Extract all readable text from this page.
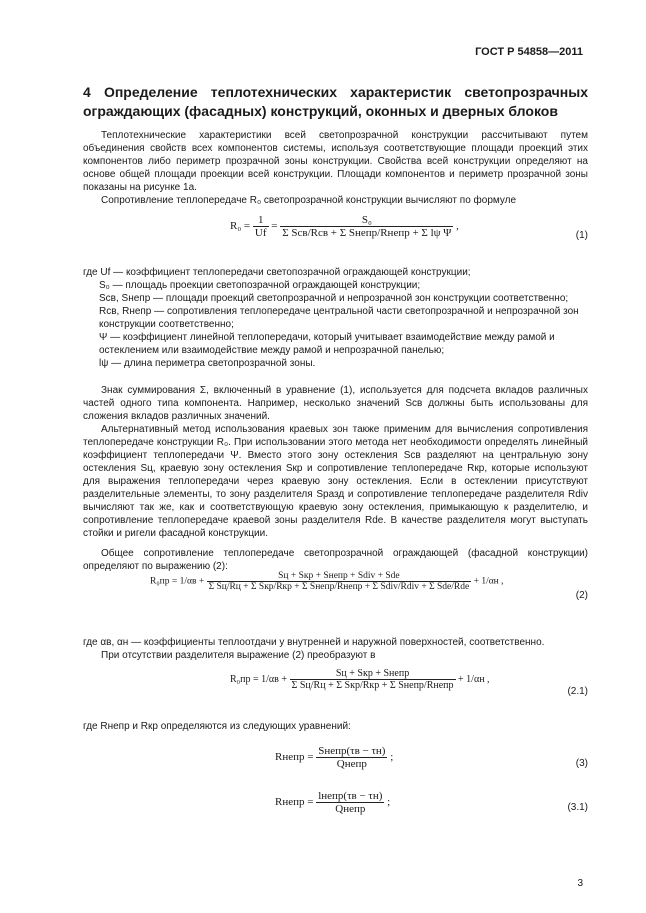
ГОСТ Р 54858—2011
4 Определение теплотехнических характеристик светопрозрачных ограждающих (фасадных) конструкций, оконных и дверных блоков
Теплотехнические характеристики всей светопрозрачной конструкции рассчитывают путем объединения свойств всех компонентов системы, используя соответствующие площади проекций этих компонентов либо периметр прозрачной зоны конструкции. Свойства всей конструкции определяют на основе общей площади проекции всей конструкции. Площади компонентов и периметр прозрачной зоны показаны на рисунке 1а.
Сопротивление теплопередаче R₀ светопрозрачной конструкции вычисляют по формуле
$R_0 = \frac{1}{Uf} = \frac{\text{S₀}}{\text{Σ Sсв/Rсв + Σ Sнепр/Rнепр + Σ lψ Ψ}}$ ,
(1)
где Uf — коэффициент теплопередачи светопозрачной ограждающей конструкции;
S₀ — площадь проекции светопозрачной ограждающей конструкции;
Sсв, Sнепр — площади проекций светопрозрачной и непрозрачной зон конструкции соответственно;
Rсв, Rнепр — сопротивления теплопередаче центральной части светопрозрачной и непрозрачной зон конструкции соответственно;
Ψ — коэффициент линейной теплопередачи, который учитывает взаимодействие между рамой и остеклением или взаимодействие между рамой и непрозрачной панелью;
lψ — длина периметра светопрозрачной зоны.
Знак суммирования Σ, включенный в уравнение (1), используется для подсчета вкладов различных частей одного типа компонента. Например, несколько значений Sсв должны быть использованы для сложения вкладов различных значений.
Альтернативный метод использования краевых зон также применим для вычисления сопротивления теплопередаче конструкции R₀. При использовании этого метода нет необходимости определять линейный коэффициент теплопередачи Ψ. Вместо этого зону остекления Sсв разделяют на центральную зону остекления Sц, краевую зону остекления Sкр и сопротивление теплопередаче Rкр, которые используют для выражения теплопередачи через краевую зону остекления. Если в остеклении присутствуют разделительные элементы, то зону разделителя Sразд и сопротивление теплопередаче разделителя Rdiv вычисляют так же, как и соответствующую краевую зону остекления, примыкающую к разделителю, и сопротивление теплопередаче краевой зоны разделителя Rde. В качестве разделителя могут выступать стойки и ригели фасадной конструкции.
Общее сопротивление теплопередаче светопрозрачной ограждающей (фасадной конструкции) определяют по выражению (2):
R₀пр = 1/αв +
Sц + Sкр + Sнепр + Sdiv + Sde
Σ Sц/Rц + Σ Sкр/Rкр + Σ Sнепр/Rнепр + Σ Sdiv/Rdiv + Σ Sde/Rde
+ 1/αн ,
(2)
где αв, αн — коэффициенты теплоотдачи у внутренней и наружной поверхностей, соответственно.
При отсутствии разделителя выражение (2) преобразуют в
$R_0пр = 1/\alpha в + \frac{\text{Sц + Sкр + Sнепр}}{\text{Σ Sц/Rц + Σ Sкр/Rкр + Σ Sнепр/Rнепр}} + 1/\alpha н$ ,
(2.1)
где Rнепр и Rкр определяются из следующих уравнений:
Rнепр = $\frac{\text{Sнепр(τв − τн)}}{\text{Qнепр}}$ ;
(3)
Rнепр = $\frac{\text{lнепр(τв − τн)}}{\text{Qнепр}}$ ;	(3.1)
3
